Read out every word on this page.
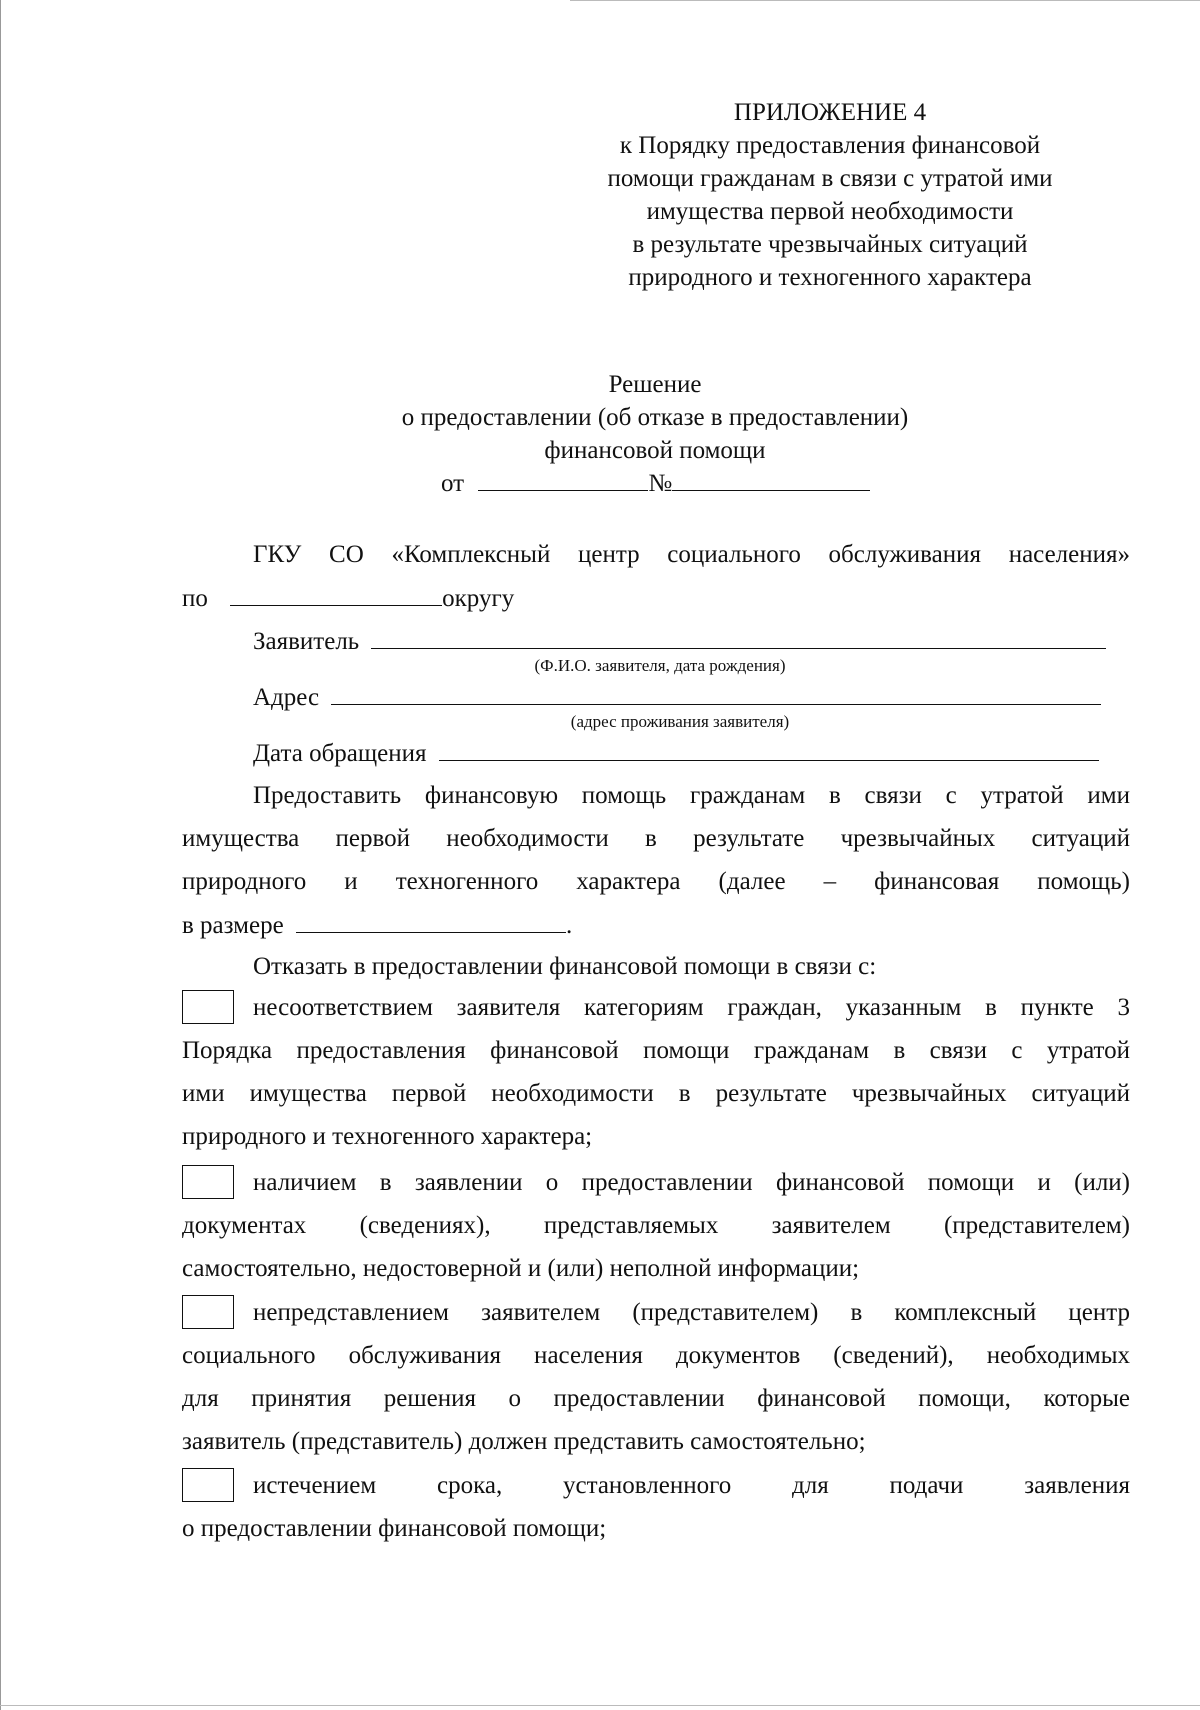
ПРИЛОЖЕНИЕ 4
к Порядку предоставления финансовой
помощи гражданам в связи с утратой ими
имущества первой необходимости
в результате чрезвычайных ситуаций
природного и техногенного характера
Решение
о предоставлении (об отказе в предоставлении)
финансовой помощи
от	№
ГКУ СО «Комплексный центр социального обслуживания населения»
по	округу
Заявитель
(Ф.И.О. заявителя, дата рождения)
Адрес
(адрес проживания заявителя)
Дата обращения
Предоставить финансовую помощь гражданам в связи с утратой ими
имущества первой необходимости в результате чрезвычайных ситуаций
природного и техногенного характера (далее – финансовая помощь)
в размере	.
Отказать в предоставлении финансовой помощи в связи с:
несоответствием заявителя категориям граждан, указанным в пункте 3
Порядка предоставления финансовой помощи гражданам в связи с утратой
ими имущества первой необходимости в результате чрезвычайных ситуаций
природного и техногенного характера;
наличием в заявлении о предоставлении финансовой помощи и (или)
документах (сведениях), представляемых заявителем (представителем)
самостоятельно, недостоверной и (или) неполной информации;
непредставлением заявителем (представителем) в комплексный центр
социального обслуживания населения документов (сведений), необходимых
для принятия решения о предоставлении финансовой помощи, которые
заявитель (представитель) должен представить самостоятельно;
истечением срока, установленного для подачи заявления
о предоставлении финансовой помощи;
